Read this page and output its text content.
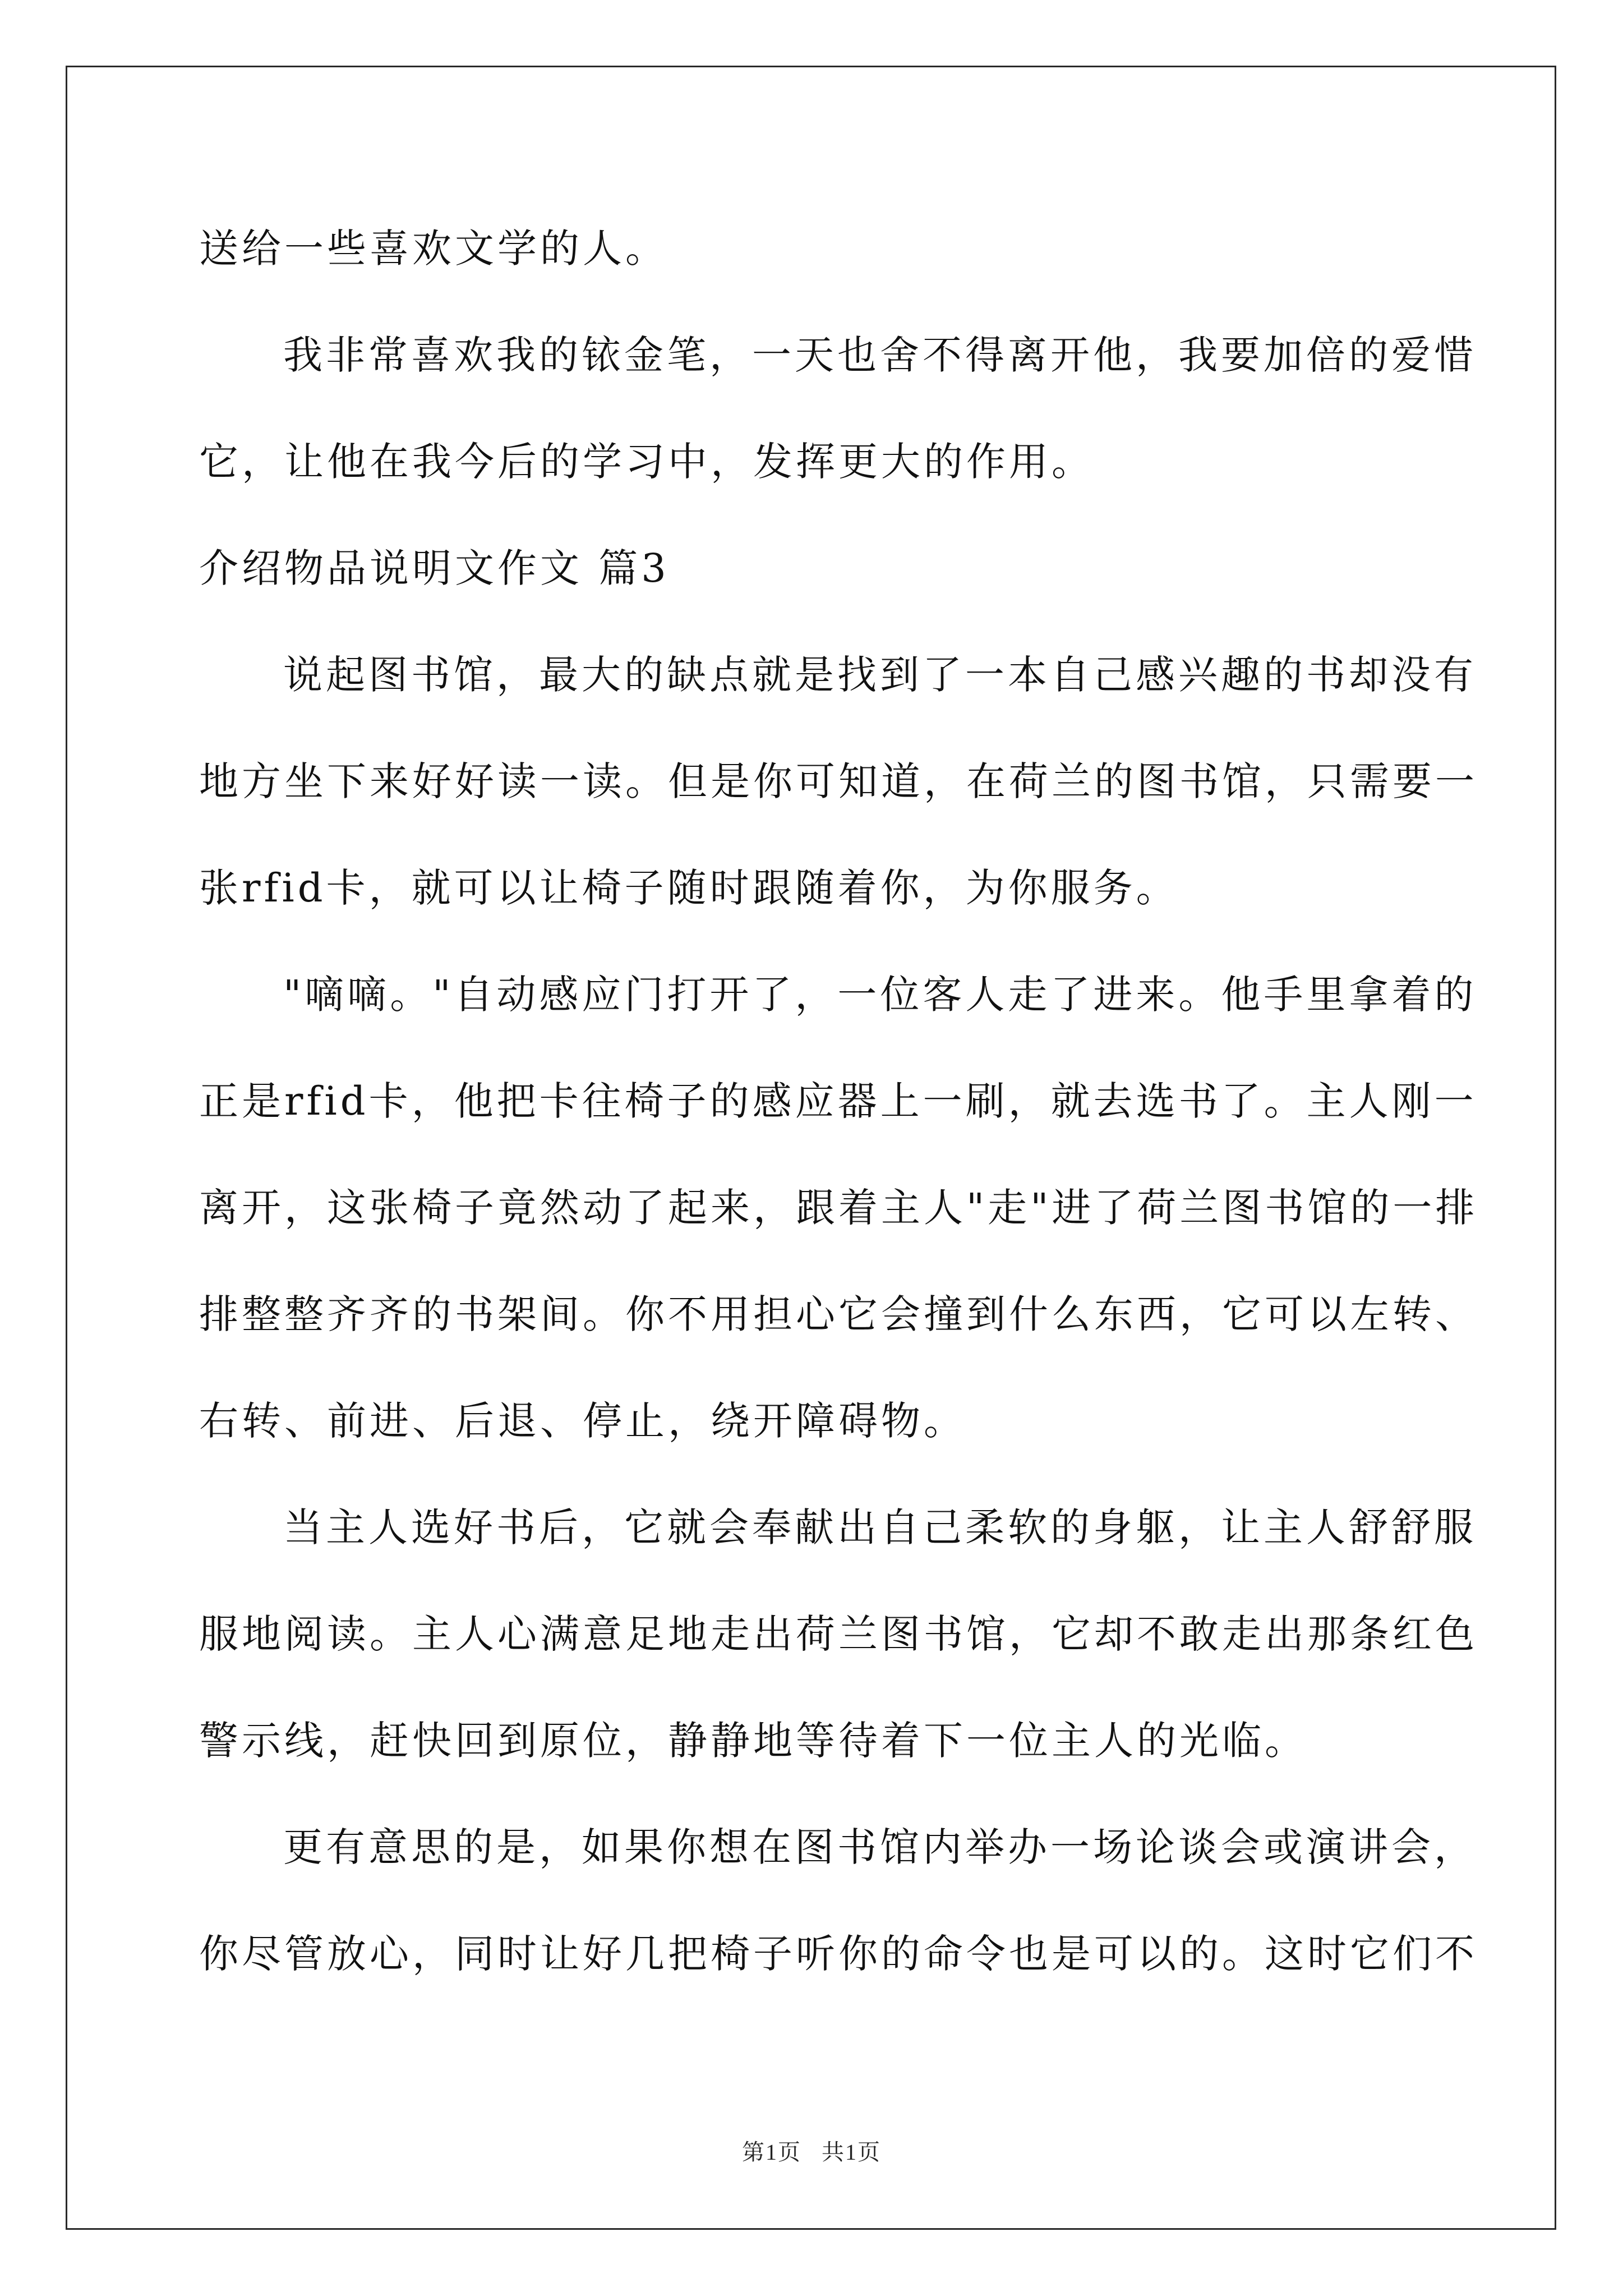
送给一些喜欢文学的人。
我非常喜欢我的铱金笔，一天也舍不得离开他，我要加倍的爱惜
它，让他在我今后的学习中，发挥更大的作用。
介绍物品说明文作文 篇3
说起图书馆，最大的缺点就是找到了一本自己感兴趣的书却没有
地方坐下来好好读一读。但是你可知道，在荷兰的图书馆，只需要一
张rfid卡，就可以让椅子随时跟随着你，为你服务。
"嘀嘀。"自动感应门打开了，一位客人走了进来。他手里拿着的
正是rfid卡，他把卡往椅子的感应器上一刷，就去选书了。主人刚一
离开，这张椅子竟然动了起来，跟着主人"走"进了荷兰图书馆的一排
排整整齐齐的书架间。你不用担心它会撞到什么东西，它可以左转、
右转、前进、后退、停止，绕开障碍物。
当主人选好书后，它就会奉献出自己柔软的身躯，让主人舒舒服
服地阅读。主人心满意足地走出荷兰图书馆，它却不敢走出那条红色
警示线，赶快回到原位，静静地等待着下一位主人的光临。
更有意思的是，如果你想在图书馆内举办一场论谈会或演讲会，
你尽管放心，同时让好几把椅子听你的命令也是可以的。这时它们不
第1页   共1页
